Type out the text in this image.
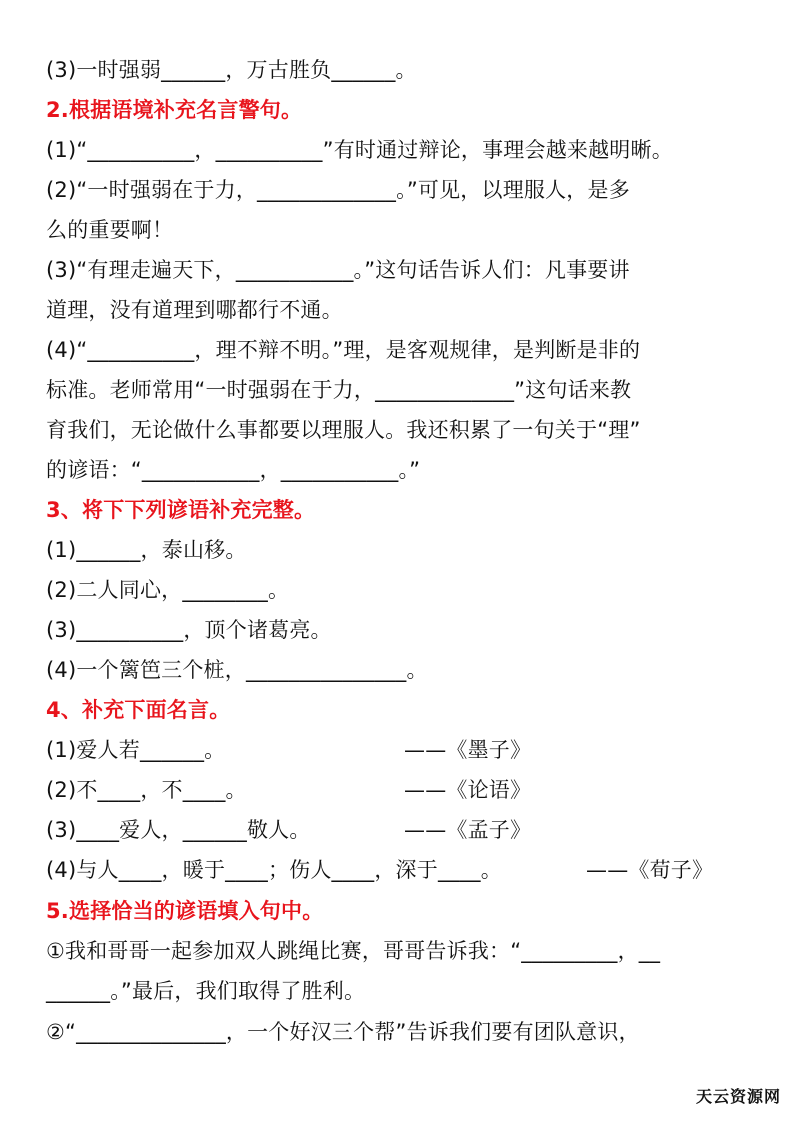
(3)一时强弱______，万古胜负______。
2.根据语境补充名言警句。
(1)“__________，__________”有时通过辩论，事理会越来越明晰。
(2)“一时强弱在于力，_____________。”可见，以理服人，是多
么的重要啊！
(3)“有理走遍天下，___________。”这句话告诉人们：凡事要讲
道理，没有道理到哪都行不通。
(4)“__________，理不辩不明。”理，是客观规律，是判断是非的
标准。老师常用“一时强弱在于力，_____________”这句话来教
育我们，无论做什么事都要以理服人。我还积累了一句关于“理”
的谚语：“___________，___________。”
3、将下下列谚语补充完整。
(1)______，泰山移。
(2)二人同心，________。
(3)__________，顶个诸葛亮。
(4)一个篱笆三个桩，_______________。
4、补充下面名言。
(1)爱人若______。	——《墨子》
(2)不____，不____。	——《论语》
(3)____爱人，______敬人。	——《孟子》
(4)与人____，暖于____；伤人____，深于____。	——《荀子》
5.选择恰当的谚语填入句中。
①我和哥哥一起参加双人跳绳比赛，哥哥告诉我：“_________，__
______。”最后，我们取得了胜利。
②“______________，一个好汉三个帮”告诉我们要有团队意识，
天云资源网
